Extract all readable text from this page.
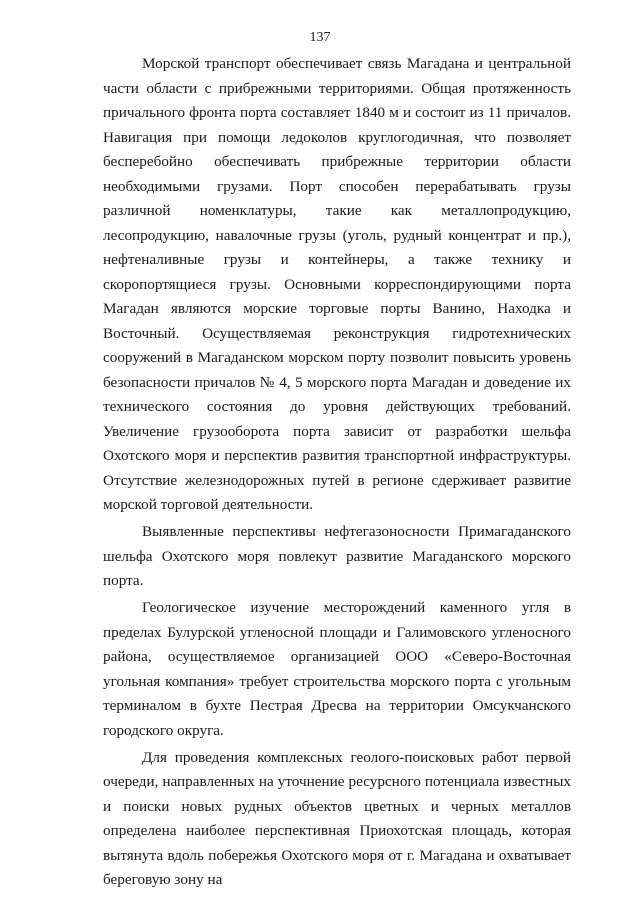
137

Морской транспорт обеспечивает связь Магадана и центральной части области с прибрежными территориями. Общая протяженность причального фронта порта составляет 1840 м и состоит из 11 причалов. Навигация при помощи ледоколов круглогодичная, что позволяет бесперебойно обеспечивать прибрежные территории области необходимыми грузами. Порт способен перерабатывать грузы различной номенклатуры, такие как металлопродукцию, лесопродукцию, навалочные грузы (уголь, рудный концентрат и пр.), нефтеналивные грузы и контейнеры, а также технику и скоропортящиеся грузы. Основными корреспондирующими порта Магадан являются морские торговые порты Ванино, Находка и Восточный. Осуществляемая реконструкция гидротехнических сооружений в Магаданском морском порту позволит повысить уровень безопасности причалов № 4, 5 морского порта Магадан и доведение их технического состояния до уровня действующих требований. Увеличение грузооборота порта зависит от разработки шельфа Охотского моря и перспектив развития транспортной инфраструктуры. Отсутствие железнодорожных путей в регионе сдерживает развитие морской торговой деятельности.

Выявленные перспективы нефтегазоносности Примагаданского шельфа Охотского моря повлекут развитие Магаданского морского порта.

Геологическое изучение месторождений каменного угля в пределах Булурской угленосной площади и Галимовского угленосного района, осуществляемое организацией ООО «Северо-Восточная угольная компания» требует строительства морского порта с угольным терминалом в бухте Пестрая Дресва на территории Омсукчанского городского округа.

Для проведения комплексных геолого-поисковых работ первой очереди, направленных на уточнение ресурсного потенциала известных и поиски новых рудных объектов цветных и черных металлов определена наиболее перспективная Приохотская площадь, которая вытянута вдоль побережья Охотского моря от г. Магадана и охватывает береговую зону на
